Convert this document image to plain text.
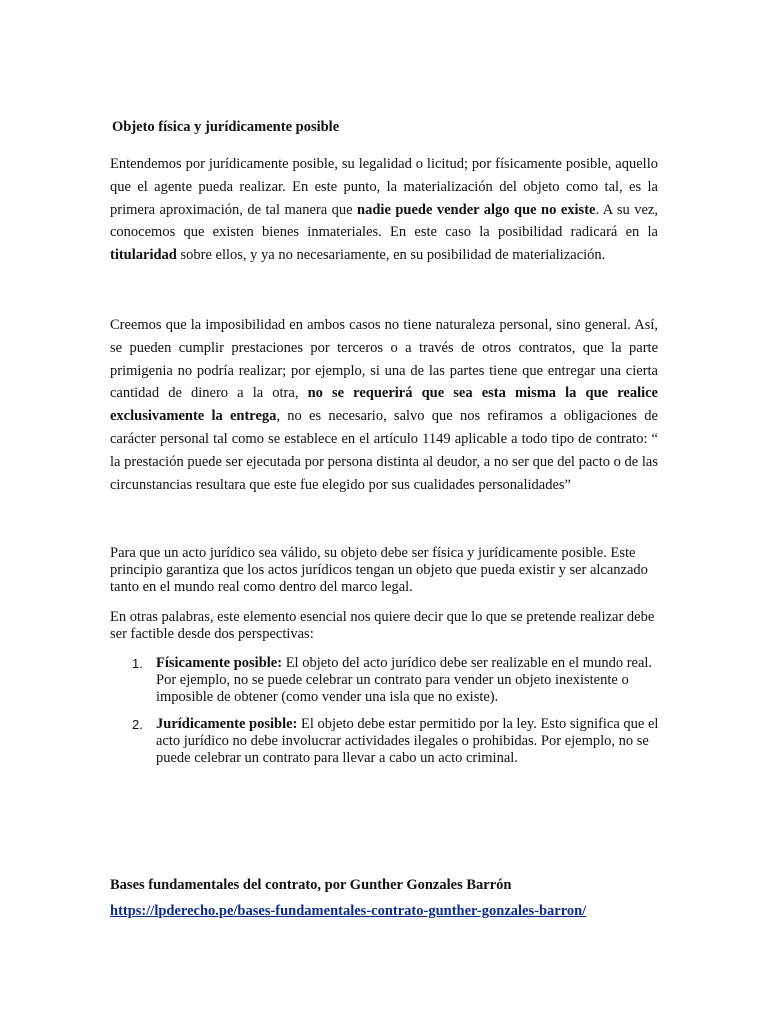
Objeto física y jurídicamente posible

Entendemos por jurídicamente posible, su legalidad o licitud; por físicamente posible, aquello que el agente pueda realizar. En este punto, la materialización del objeto como tal, es la primera aproximación, de tal manera que nadie puede vender algo que no existe. A su vez, conocemos que existen bienes inmateriales. En este caso la posibilidad radicará en la titularidad sobre ellos, y ya no necesariamente, en su posibilidad de materialización.

Creemos que la imposibilidad en ambos casos no tiene naturaleza personal, sino general. Así, se pueden cumplir prestaciones por terceros o a través de otros contratos, que la parte primigenia no podría realizar; por ejemplo, si una de las partes tiene que entregar una cierta cantidad de dinero a la otra, no se requerirá que sea esta misma la que realice exclusivamente la entrega, no es necesario, salvo que nos refiramos a obligaciones de carácter personal tal como se establece en el artículo 1149 aplicable a todo tipo de contrato: “ la prestación puede ser ejecutada por persona distinta al deudor, a no ser que del pacto o de las circunstancias resultara que este fue elegido por sus cualidades personalidades”

Para que un acto jurídico sea válido, su objeto debe ser física y jurídicamente posible. Este principio garantiza que los actos jurídicos tengan un objeto que pueda existir y ser alcanzado tanto en el mundo real como dentro del marco legal.

En otras palabras, este elemento esencial nos quiere decir que lo que se pretende realizar debe ser factible desde dos perspectivas:

1. Físicamente posible: El objeto del acto jurídico debe ser realizable en el mundo real. Por ejemplo, no se puede celebrar un contrato para vender un objeto inexistente o imposible de obtener (como vender una isla que no existe).
2. Jurídicamente posible: El objeto debe estar permitido por la ley. Esto significa que el acto jurídico no debe involucrar actividades ilegales o prohibidas. Por ejemplo, no se puede celebrar un contrato para llevar a cabo un acto criminal.
Bases fundamentales del contrato, por Gunther Gonzales Barrón
https://lpderecho.pe/bases-fundamentales-contrato-gunther-gonzales-barron/
